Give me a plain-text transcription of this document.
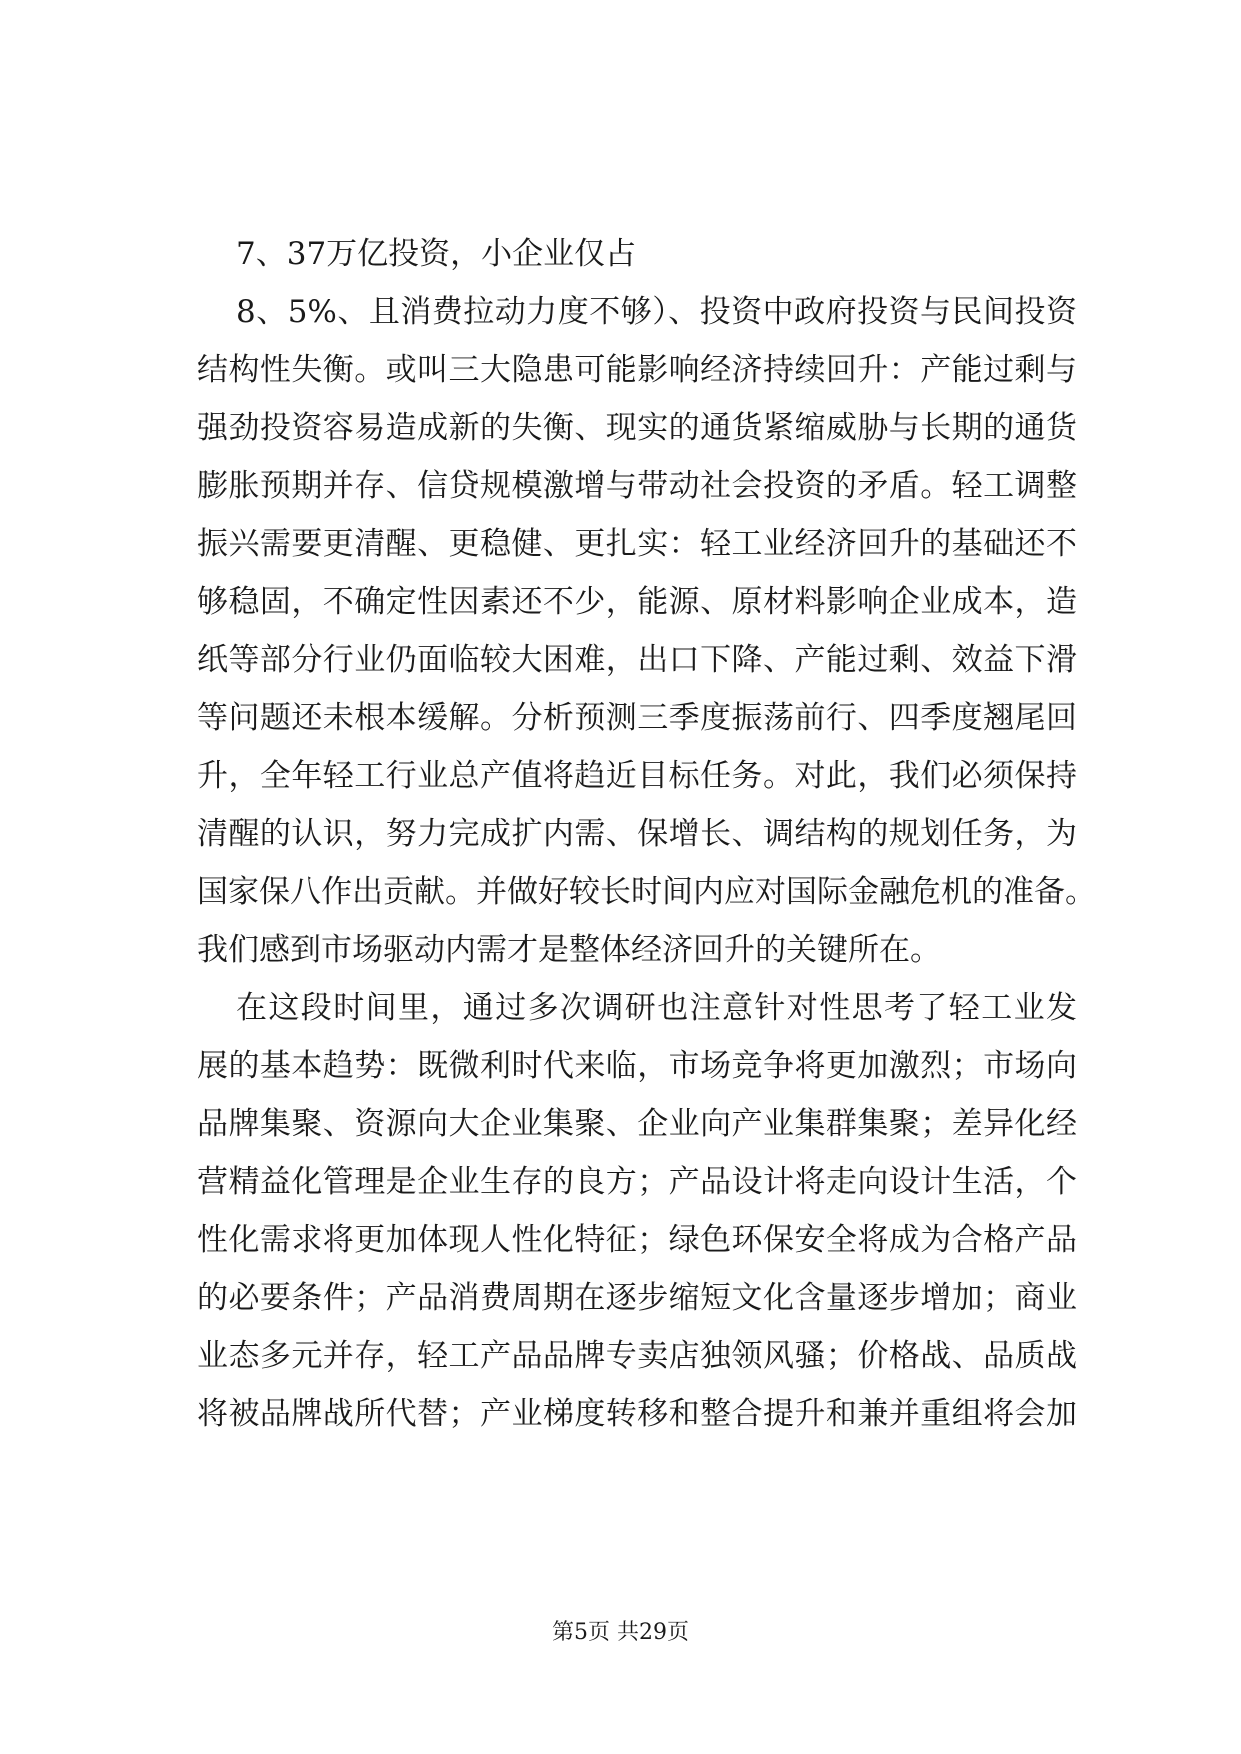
7、37万亿投资，小企业仅占
8、5%、且消费拉动力度不够）、投资中政府投资与民间投资
结构性失衡。或叫三大隐患可能影响经济持续回升：产能过剩与
强劲投资容易造成新的失衡、现实的通货紧缩威胁与长期的通货
膨胀预期并存、信贷规模激增与带动社会投资的矛盾。轻工调整
振兴需要更清醒、更稳健、更扎实：轻工业经济回升的基础还不
够稳固，不确定性因素还不少，能源、原材料影响企业成本，造
纸等部分行业仍面临较大困难，出口下降、产能过剩、效益下滑
等问题还未根本缓解。分析预测三季度振荡前行、四季度翘尾回
升，全年轻工行业总产值将趋近目标任务。对此，我们必须保持
清醒的认识，努力完成扩内需、保增长、调结构的规划任务，为
国家保八作出贡献。并做好较长时间内应对国际金融危机的准备。
我们感到市场驱动内需才是整体经济回升的关键所在。
在这段时间里，通过多次调研也注意针对性思考了轻工业发
展的基本趋势：既微利时代来临，市场竞争将更加激烈；市场向
品牌集聚、资源向大企业集聚、企业向产业集群集聚；差异化经
营精益化管理是企业生存的良方；产品设计将走向设计生活，个
性化需求将更加体现人性化特征；绿色环保安全将成为合格产品
的必要条件；产品消费周期在逐步缩短文化含量逐步增加；商业
业态多元并存，轻工产品品牌专卖店独领风骚；价格战、品质战
将被品牌战所代替；产业梯度转移和整合提升和兼并重组将会加
第5页 共29页
